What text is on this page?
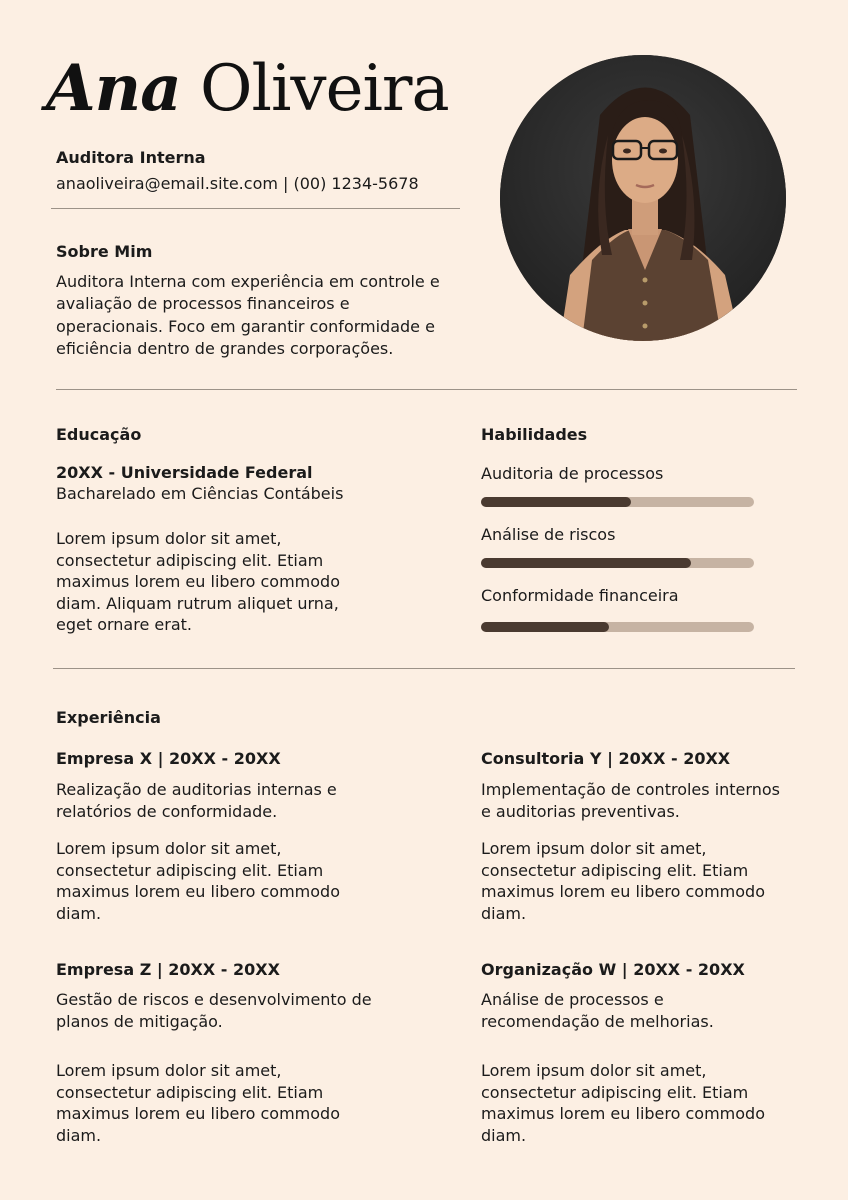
Ana Oliveira
Auditora Interna
anaoliveira@email.site.com | (00) 1234-5678
Sobre Mim
Auditora Interna com experiência em controle e avaliação de processos financeiros e operacionais. Foco em garantir conformidade e eficiência dentro de grandes corporações.
Educação
20XX - Universidade Federal
Bacharelado em Ciências Contábeis
Lorem ipsum dolor sit amet, consectetur adipiscing elit. Etiam maximus lorem eu libero commodo diam. Aliquam rutrum aliquet urna, eget ornare erat.
Habilidades
Auditoria de processos
Análise de riscos
Conformidade financeira
Experiência
Empresa X | 20XX - 20XX
Realização de auditorias internas e relatórios de conformidade.
Lorem ipsum dolor sit amet, consectetur adipiscing elit. Etiam maximus lorem eu libero commodo diam.
Consultoria Y | 20XX - 20XX
Implementação de controles internos e auditorias preventivas.
Lorem ipsum dolor sit amet, consectetur adipiscing elit. Etiam maximus lorem eu libero commodo diam.
Empresa Z | 20XX - 20XX
Gestão de riscos e desenvolvimento de planos de mitigação.
Lorem ipsum dolor sit amet, consectetur adipiscing elit. Etiam maximus lorem eu libero commodo diam.
Organização W | 20XX - 20XX
Análise de processos e recomendação de melhorias.
Lorem ipsum dolor sit amet, consectetur adipiscing elit. Etiam maximus lorem eu libero commodo diam.
